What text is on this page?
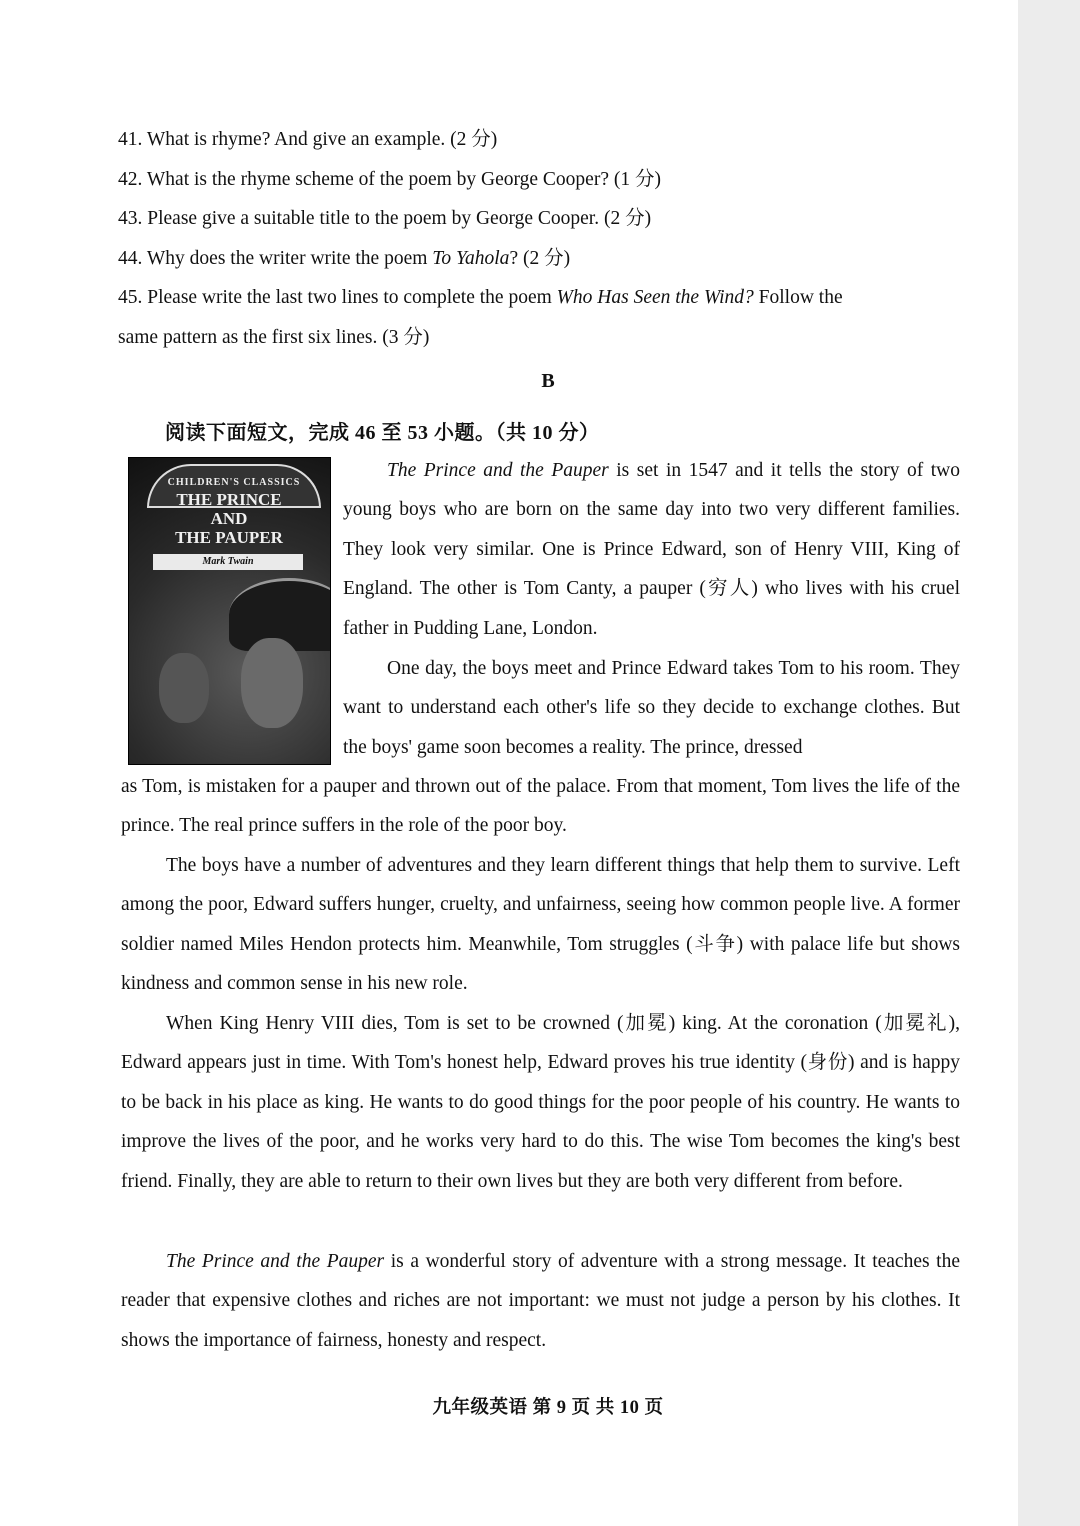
41. What is rhyme? And give an example. (2 分)
42. What is the rhyme scheme of the poem by George Cooper? (1 分)
43. Please give a suitable title to the poem by George Cooper. (2 分)
44. Why does the writer write the poem To Yahola? (2 分)
45. Please write the last two lines to complete the poem Who Has Seen the Wind? Follow the
same pattern as the first six lines. (3 分)
B
阅读下面短文，完成 46 至 53 小题。（共 10 分）
CHILDREN'S CLASSICS
THE PRINCE
AND
THE PAUPER
Mark Twain

The Prince and the Pauper is set in 1547 and it tells the story of two young boys who are born on the same day into two very different families. They look very similar. One is Prince Edward, son of Henry VIII, King of England. The other is Tom Canty, a pauper (穷人) who lives with his cruel father in Pudding Lane, London.

One day, the boys meet and Prince Edward takes Tom to his room. They want to understand each other's life so they decide to exchange clothes. But the boys' game soon becomes a reality. The prince, dressed

as Tom, is mistaken for a pauper and thrown out of the palace. From that moment, Tom lives the life of the prince. The real prince suffers in the role of the poor boy.

The boys have a number of adventures and they learn different things that help them to survive. Left among the poor, Edward suffers hunger, cruelty, and unfairness, seeing how common people live. A former soldier named Miles Hendon protects him. Meanwhile, Tom struggles (斗争) with palace life but shows kindness and common sense in his new role.

When King Henry VIII dies, Tom is set to be crowned (加冕) king. At the coronation (加冕礼), Edward appears just in time. With Tom's honest help, Edward proves his true identity (身份) and is happy to be back in his place as king. He wants to do good things for the poor people of his country. He wants to improve the lives of the poor, and he works very hard to do this. The wise Tom becomes the king's best friend. Finally, they are able to return to their own lives but they are both very different from before.

The Prince and the Pauper is a wonderful story of adventure with a strong message. It teaches the reader that expensive clothes and riches are not important: we must not judge a person by his clothes. It shows the importance of fairness, honesty and respect.

九年级英语 第 9 页 共 10 页
